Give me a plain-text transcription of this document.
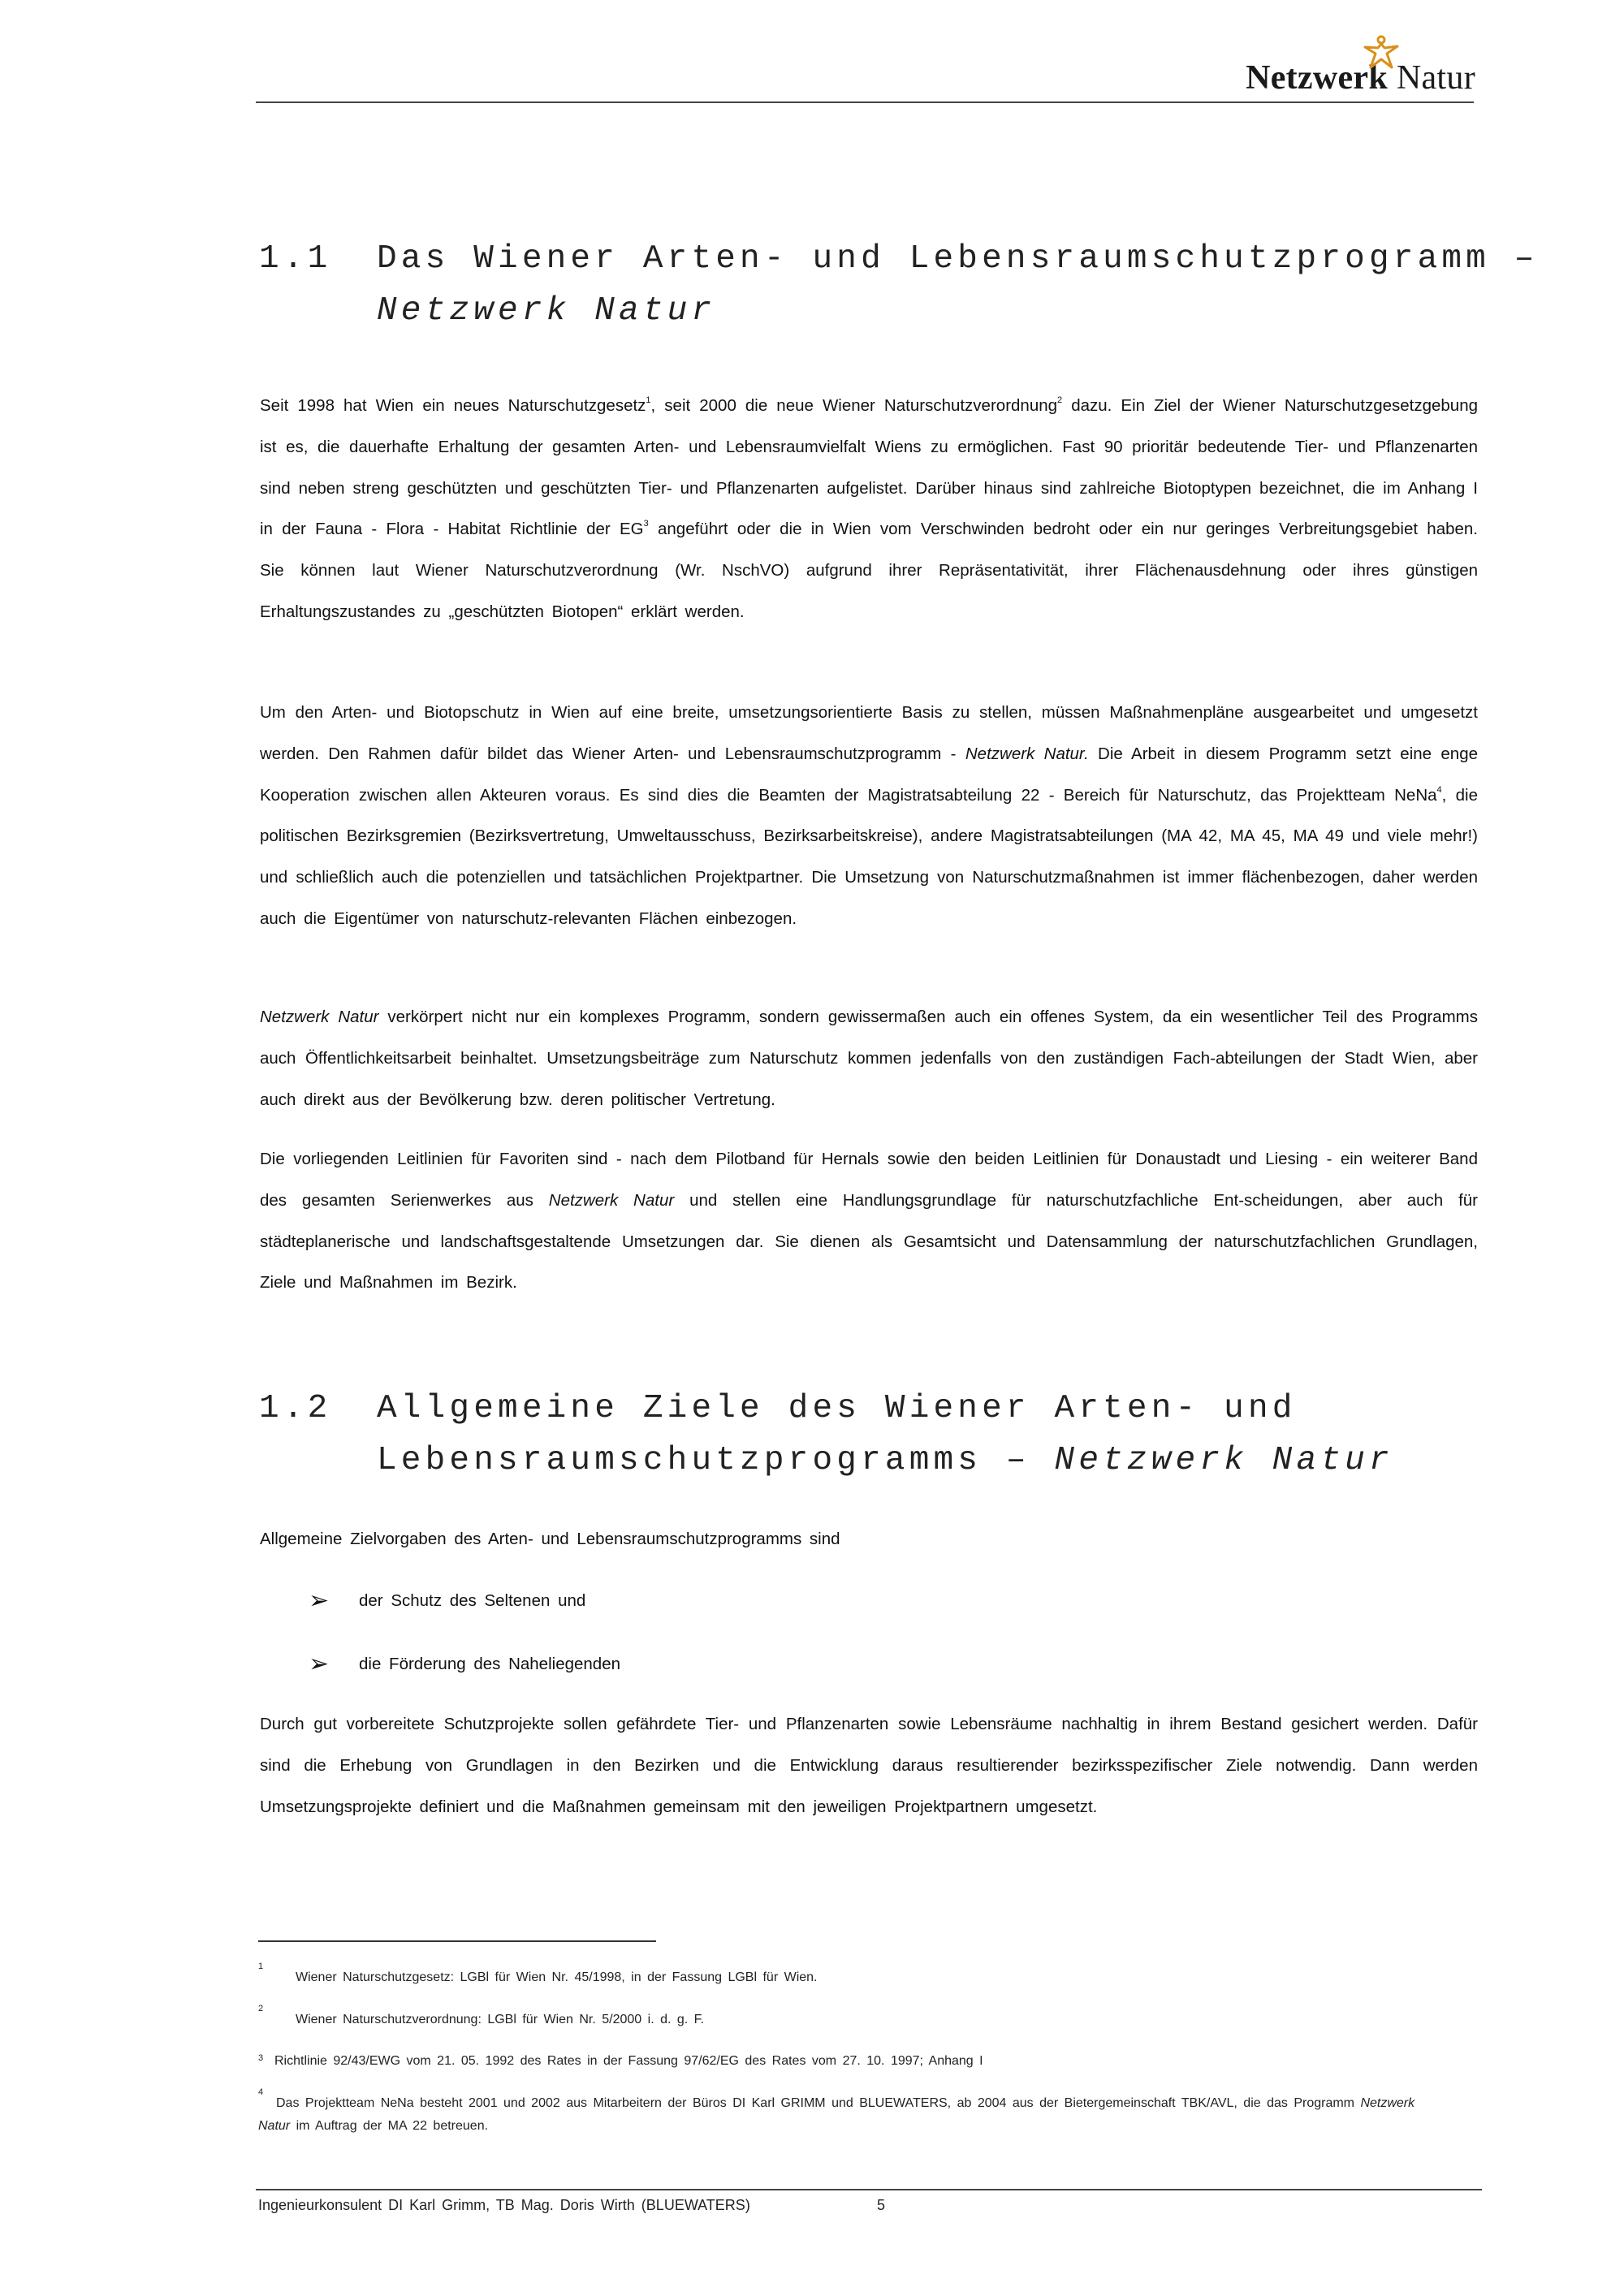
Netzwerk Natur
1.1 Das Wiener Arten- und Lebensraumschutzprogramm –
Netzwerk Natur
Seit 1998 hat Wien ein neues Naturschutzgesetz$^1$, seit 2000 die neue Wiener Naturschutzverordnung$^2$ dazu. Ein Ziel der Wiener Naturschutzgesetzgebung ist es, die dauerhafte Erhaltung der gesamten Arten- und Lebensraumvielfalt Wiens zu ermöglichen. Fast 90 prioritär bedeutende Tier- und Pflanzenarten sind neben streng geschützten und geschützten Tier- und Pflanzenarten aufgelistet. Darüber hinaus sind zahlreiche Biotoptypen bezeichnet, die im Anhang I in der Fauna - Flora - Habitat Richtlinie der $EG^3$ angeführt oder die in Wien vom Verschwinden bedroht oder ein nur geringes Verbreitungsgebiet haben. Sie können laut Wiener Naturschutzverordnung (Wr. NschVO) aufgrund ihrer Repräsentativität, ihrer Flächenausdehnung oder ihres günstigen Erhaltungszustandes zu „geschützten Biotopen“ erklärt werden.
Um den Arten- und Biotopschutz in Wien auf eine breite, umsetzungsorientierte Basis zu stellen, müssen Maßnahmenpläne ausgearbeitet und umgesetzt werden. Den Rahmen dafür bildet das Wiener Arten- und Lebensraumschutzprogramm - Netzwerk Natur. Die Arbeit in diesem Programm setzt eine enge Kooperation zwischen allen Akteuren voraus. Es sind dies die Beamten der Magistratsabteilung 22 - Bereich für Naturschutz, das Projektteam NeNa$^4$, die politischen Bezirksgremien (Bezirksvertretung, Umweltausschuss, Bezirksarbeitskreise), andere Magistratsabteilungen (MA 42, MA 45, MA 49 und viele mehr!) und schließlich auch die potenziellen und tatsächlichen Projektpartner. Die Umsetzung von Naturschutzmaßnahmen ist immer flächenbezogen, daher werden auch die Eigentümer von naturschutz-relevanten Flächen einbezogen.
Netzwerk Natur verkörpert nicht nur ein komplexes Programm, sondern gewissermaßen auch ein offenes System, da ein wesentlicher Teil des Programms auch Öffentlichkeitsarbeit beinhaltet. Umsetzungsbeiträge zum Naturschutz kommen jedenfalls von den zuständigen Fach-abteilungen der Stadt Wien, aber auch direkt aus der Bevölkerung bzw. deren politischer Vertretung.
Die vorliegenden Leitlinien für Favoriten sind - nach dem Pilotband für Hernals sowie den beiden Leitlinien für Donaustadt und Liesing - ein weiterer Band des gesamten Serienwerkes aus Netzwerk Natur und stellen eine Handlungsgrundlage für naturschutzfachliche Ent-scheidungen, aber auch für städteplanerische und landschaftsgestaltende Umsetzungen dar. Sie dienen als Gesamtsicht und Datensammlung der naturschutzfachlichen Grundlagen, Ziele und Maßnahmen im Bezirk.
1.2 Allgemeine Ziele des Wiener Arten- und
Lebensraumschutzprogramms – Netzwerk Natur
Allgemeine Zielvorgaben des Arten- und Lebensraumschutzprogramms sind
➢ der Schutz des Seltenen und
➢ die Förderung des Naheliegenden
Durch gut vorbereitete Schutzprojekte sollen gefährdete Tier- und Pflanzenarten sowie Lebensräume nachhaltig in ihrem Bestand gesichert werden. Dafür sind die Erhebung von Grundlagen in den Bezirken und die Entwicklung daraus resultierender bezirksspezifischer Ziele notwendig. Dann werden Umsetzungsprojekte definiert und die Maßnahmen gemeinsam mit den jeweiligen Projektpartnern umgesetzt.
1
Wiener Naturschutzgesetz: LGBl für Wien Nr. 45/1998, in der Fassung LGBl für Wien.
2
Wiener Naturschutzverordnung: LGBl für Wien Nr. 5/2000 i. d. g. F.
3 Richtlinie 92/43/EWG vom 21. 05. 1992 des Rates in der Fassung 97/62/EG des Rates vom 27. 10. 1997; Anhang I
4
Das Projektteam NeNa besteht 2001 und 2002 aus Mitarbeitern der Büros DI Karl GRIMM und BLUEWATERS, ab 2004 aus der Bietergemeinschaft TBK/AVL, die das Programm Netzwerk Natur im Auftrag der MA 22 betreuen.
Ingenieurkonsulent DI Karl Grimm, TB Mag. Doris Wirth (BLUEWATERS)	5
